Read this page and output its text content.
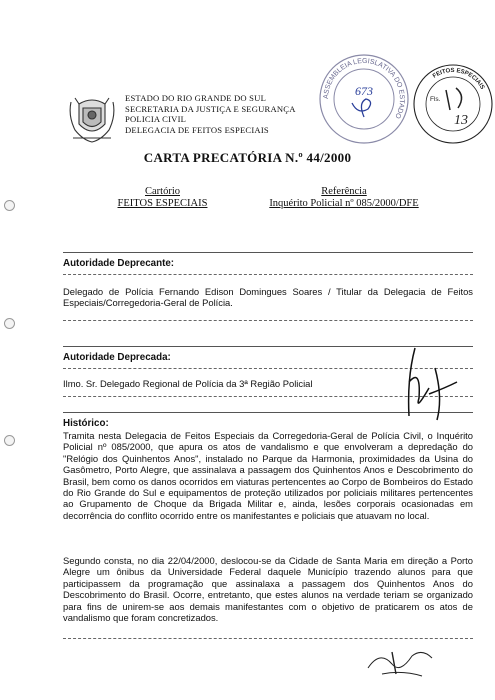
ESTADO DO RIO GRANDE DO SUL
SECRETARIA DA JUSTIÇA E SEGURANÇA
POLICIA CIVIL
DELEGACIA DE FEITOS ESPECIAIS
ASSEMBLEIA LEGISLATIVA DO ESTADO
673
FEITOS ESPECIAIS
Fls.
13
CARTA PRECATÓRIA N.º 44/2000
Cartório
FEITOS ESPECIAIS
Referência
Inquérito Policial nº 085/2000/DFE
Autoridade Deprecante:
Delegado de Polícia Fernando Edison Domingues Soares / Titular da Delegacia de Feitos Especiais/Corregedoria-Geral de Polícia.
Autoridade Deprecada:
Ilmo. Sr. Delegado Regional de Polícia da 3ª Região Policial
Histórico:
Tramita nesta Delegacia de Feitos Especiais da Corregedoria-Geral de Polícia Civil, o Inquérito Policial nº 085/2000, que apura os atos de vandalismo e que envolveram a depredação do "Relógio dos Quinhentos Anos", instalado no Parque da Harmonia, proximidades da Usina do Gasômetro, Porto Alegre, que assinalava a passagem dos Quinhentos Anos e Descobrimento do Brasil, bem como os danos ocorridos em viaturas pertencentes ao Corpo de Bombeiros do Estado do Rio Grande do Sul e equipamentos de proteção utilizados por policiais militares pertencentes ao Grupamento de Choque da Brigada Militar e, ainda, lesões corporais ocasionadas em decorrência do conflito ocorrido entre os manifestantes e policiais que atuavam no local.
Segundo consta, no dia 22/04/2000, deslocou-se da Cidade de Santa Maria em direção a Porto Alegre um ônibus da Universidade Federal daquele Município trazendo alunos para que participassem da programação que assinalaxa a passagem dos Quinhentos Anos do Descobrimento do Brasil. Ocorre, entretanto, que estes alunos na verdade teriam se organizado para fins de unirem-se aos demais manifestantes com o objetivo de praticarem os atos de vandalismo que foram concretizados.
